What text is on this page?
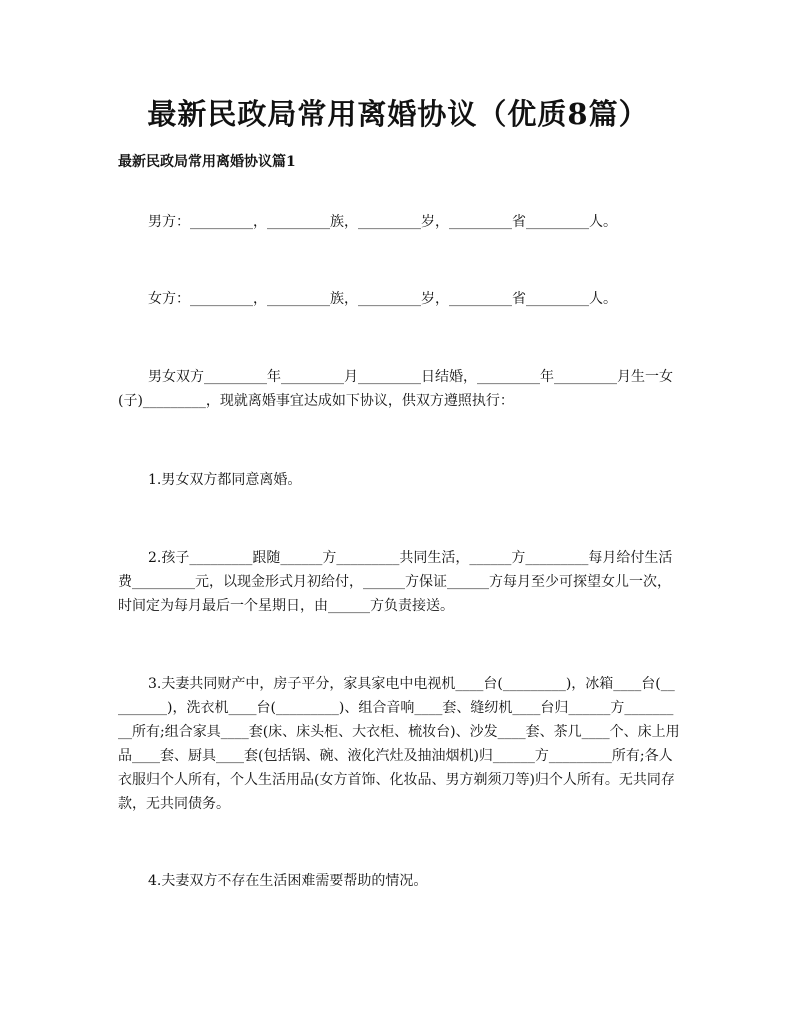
最新民政局常用离婚协议（优质8篇）
最新民政局常用离婚协议篇1
男方：_________，_________族，_________岁，_________省_________人。
女方：_________，_________族，_________岁，_________省_________人。
男女双方_________年_________月_________日结婚，_________年_________月生一女(子)_________，现就离婚事宜达成如下协议，供双方遵照执行：
1.男女双方都同意离婚。
2.孩子_________跟随______方_________共同生活，______方_________每月给付生活费_________元，以现金形式月初给付，______方保证______方每月至少可探望女儿一次，时间定为每月最后一个星期日，由______方负责接送。
3.夫妻共同财产中，房子平分，家具家电中电视机____台(_________)，冰箱____台(_________)，洗衣机____台(_________)、组合音响____套、缝纫机____台归______方_________所有;组合家具____套(床、床头柜、大衣柜、梳妆台)、沙发____套、茶几____个、床上用品____套、厨具____套(包括锅、碗、液化汽灶及抽油烟机)归______方_________所有;各人衣服归个人所有，个人生活用品(女方首饰、化妆品、男方剃须刀等)归个人所有。无共同存款，无共同债务。
4.夫妻双方不存在生活困难需要帮助的情况。
